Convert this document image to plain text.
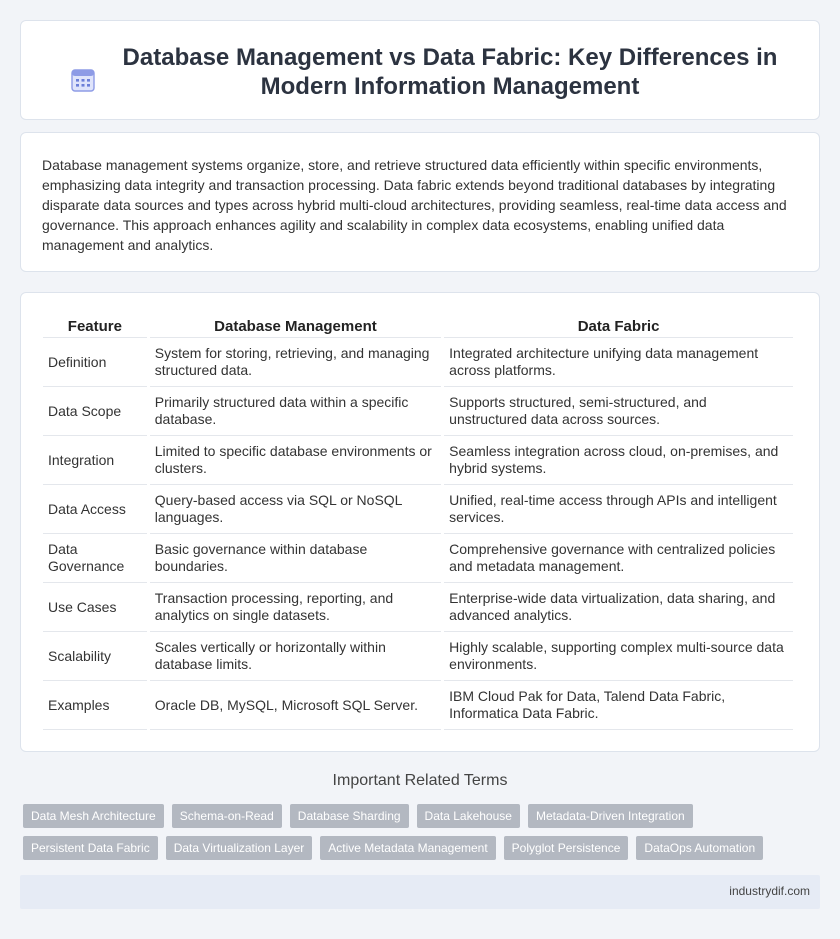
Database Management vs Data Fabric: Key Differences in Modern Information Management

Database management systems organize, store, and retrieve structured data efficiently within specific environments, emphasizing data integrity and transaction processing. Data fabric extends beyond traditional databases by integrating disparate data sources and types across hybrid multi-cloud architectures, providing seamless, real-time data access and governance. This approach enhances agility and scalability in complex data ecosystems, enabling unified data management and analytics.

Feature	Database Management	Data Fabric
Definition	System for storing, retrieving, and managing structured data.	Integrated architecture unifying data management across platforms.
Data Scope	Primarily structured data within a specific database.	Supports structured, semi-structured, and unstructured data across sources.
Integration	Limited to specific database environments or clusters.	Seamless integration across cloud, on-premises, and hybrid systems.
Data Access	Query-based access via SQL or NoSQL languages.	Unified, real-time access through APIs and intelligent services.
Data Governance	Basic governance within database boundaries.	Comprehensive governance with centralized policies and metadata management.
Use Cases	Transaction processing, reporting, and analytics on single datasets.	Enterprise-wide data virtualization, data sharing, and advanced analytics.
Scalability	Scales vertically or horizontally within database limits.	Highly scalable, supporting complex multi-source data environments.
Examples	Oracle DB, MySQL, Microsoft SQL Server.	IBM Cloud Pak for Data, Talend Data Fabric, Informatica Data Fabric.
Important Related Terms
Data Mesh Architecture	Schema-on-Read	Database Sharding	Data Lakehouse	Metadata-Driven Integration
Persistent Data Fabric	Data Virtualization Layer	Active Metadata Management	Polyglot Persistence	DataOps Automation
industrydif.com
